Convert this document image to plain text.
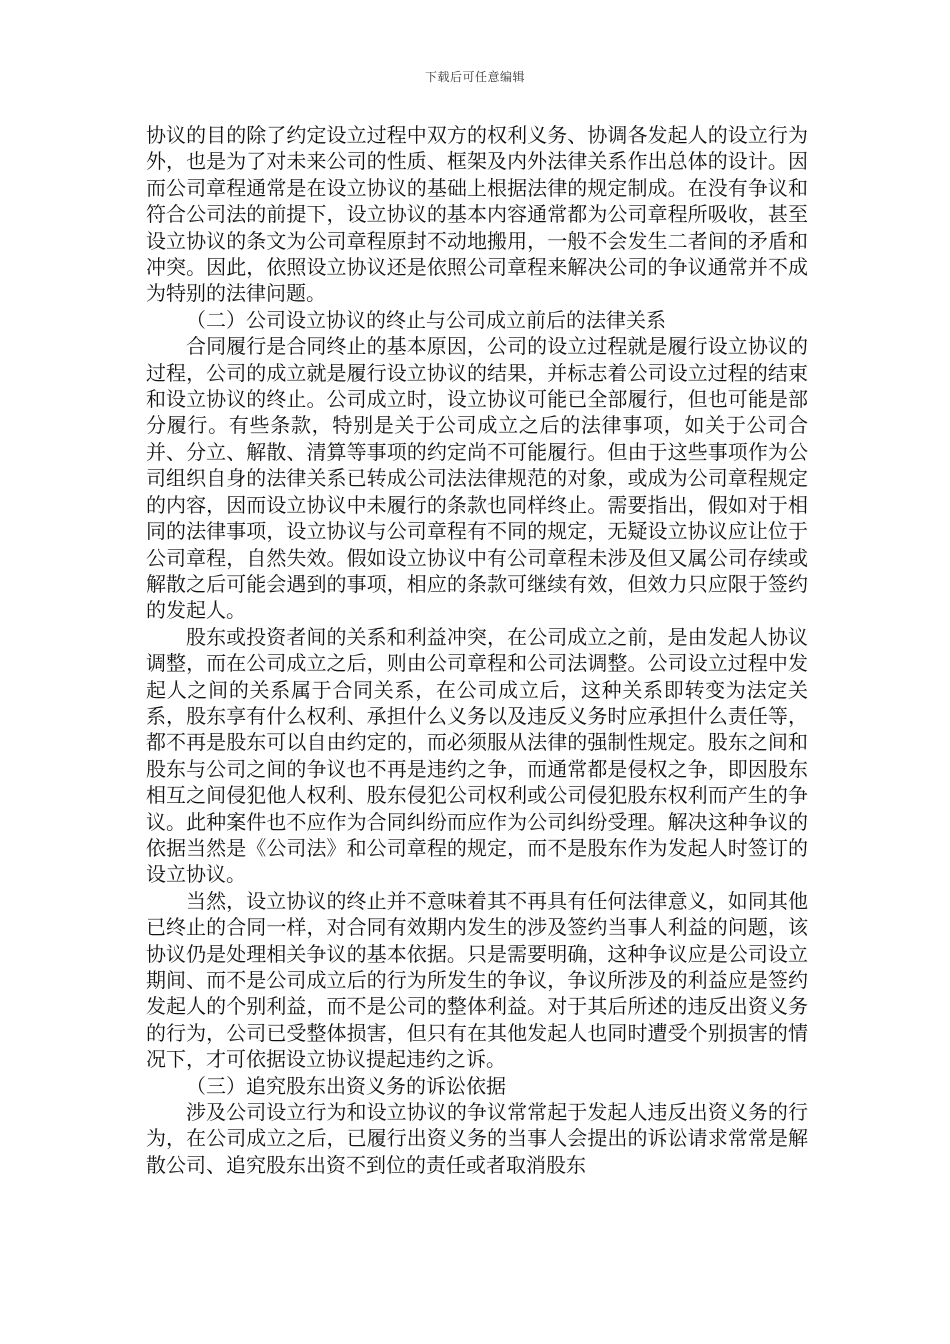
下载后可任意编辑

协议的目的除了约定设立过程中双方的权利义务、协调各发起人的设立行为外，也是为了对未来公司的性质、框架及内外法律关系作出总体的设计。因而公司章程通常是在设立协议的基础上根据法律的规定制成。在没有争议和符合公司法的前提下，设立协议的基本内容通常都为公司章程所吸收，甚至设立协议的条文为公司章程原封不动地搬用，一般不会发生二者间的矛盾和冲突。因此，依照设立协议还是依照公司章程来解决公司的争议通常并不成为特别的法律问题。

（二）公司设立协议的终止与公司成立前后的法律关系

合同履行是合同终止的基本原因，公司的设立过程就是履行设立协议的过程，公司的成立就是履行设立协议的结果，并标志着公司设立过程的结束和设立协议的终止。公司成立时，设立协议可能已全部履行，但也可能是部分履行。有些条款，特别是关于公司成立之后的法律事项，如关于公司合并、分立、解散、清算等事项的约定尚不可能履行。但由于这些事项作为公司组织自身的法律关系已转成公司法法律规范的对象，或成为公司章程规定的内容，因而设立协议中未履行的条款也同样终止。需要指出，假如对于相同的法律事项，设立协议与公司章程有不同的规定，无疑设立协议应让位于公司章程，自然失效。假如设立协议中有公司章程未涉及但又属公司存续或解散之后可能会遇到的事项，相应的条款可继续有效，但效力只应限于签约的发起人。

股东或投资者间的关系和利益冲突，在公司成立之前，是由发起人协议调整，而在公司成立之后，则由公司章程和公司法调整。公司设立过程中发起人之间的关系属于合同关系，在公司成立后，这种关系即转变为法定关系，股东享有什么权利、承担什么义务以及违反义务时应承担什么责任等，都不再是股东可以自由约定的，而必须服从法律的强制性规定。股东之间和股东与公司之间的争议也不再是违约之争，而通常都是侵权之争，即因股东相互之间侵犯他人权利、股东侵犯公司权利或公司侵犯股东权利而产生的争议。此种案件也不应作为合同纠纷而应作为公司纠纷受理。解决这种争议的依据当然是《公司法》和公司章程的规定，而不是股东作为发起人时签订的设立协议。

当然，设立协议的终止并不意味着其不再具有任何法律意义，如同其他已终止的合同一样，对合同有效期内发生的涉及签约当事人利益的问题，该协议仍是处理相关争议的基本依据。只是需要明确，这种争议应是公司设立期间、而不是公司成立后的行为所发生的争议，争议所涉及的利益应是签约发起人的个别利益，而不是公司的整体利益。对于其后所述的违反出资义务的行为，公司已受整体损害，但只有在其他发起人也同时遭受个别损害的情况下，才可依据设立协议提起违约之诉。

（三）追究股东出资义务的诉讼依据

涉及公司设立行为和设立协议的争议常常起于发起人违反出资义务的行为，在公司成立之后，已履行出资义务的当事人会提出的诉讼请求常常是解散公司、追究股东出资不到位的责任或者取消股东
